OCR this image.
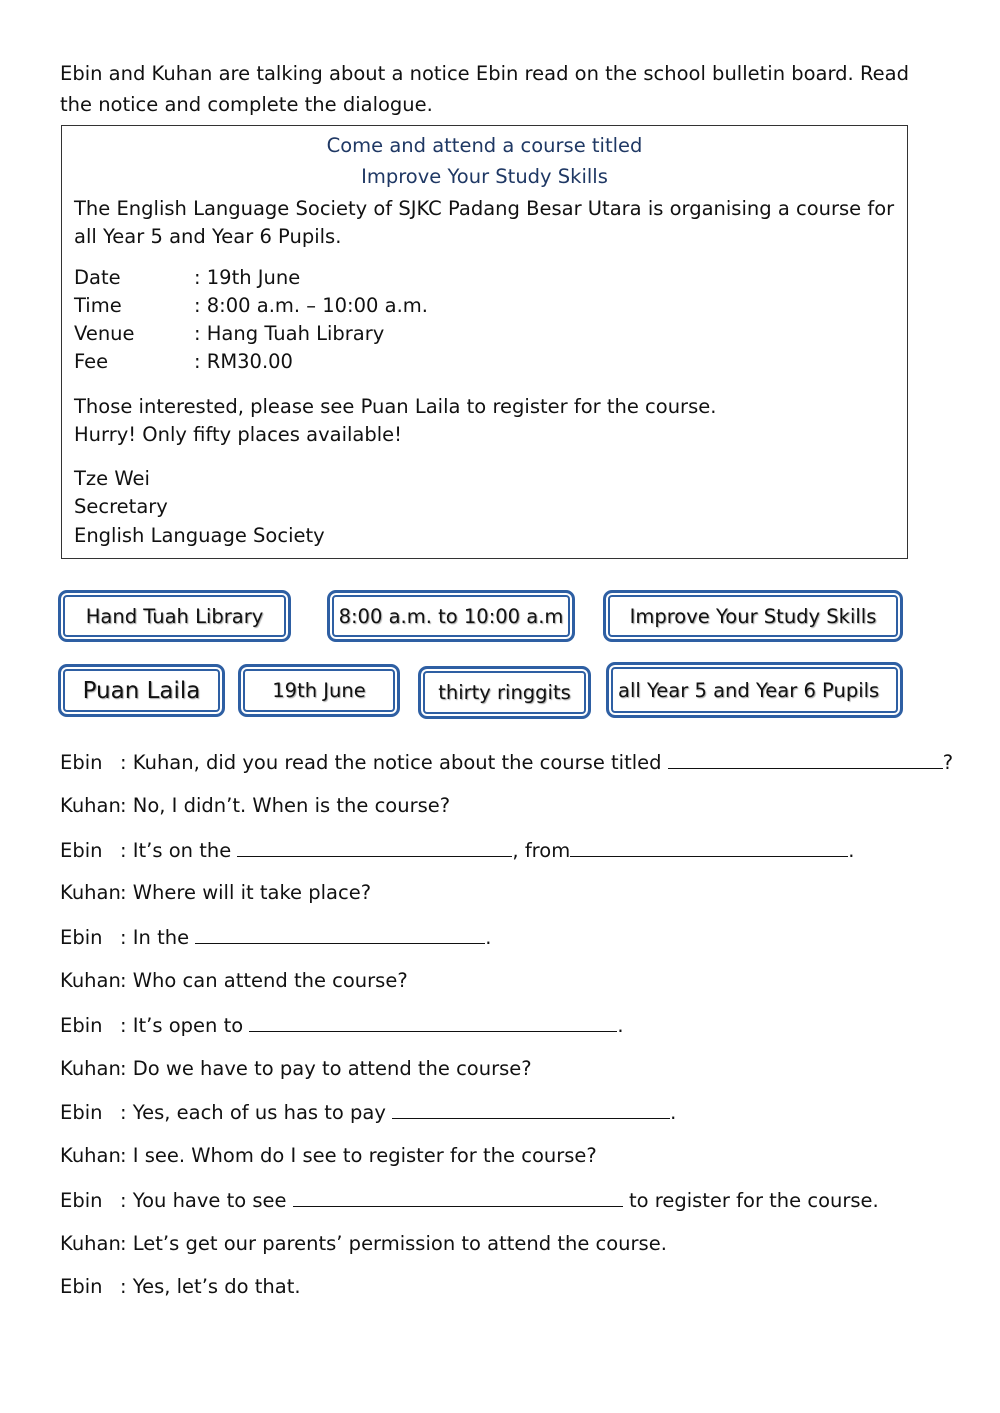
Ebin and Kuhan are talking about a notice Ebin read on the school bulletin board. Read the notice and complete the dialogue.
Come and attend a course titled
Improve Your Study Skills
The English Language Society of SJKC Padang Besar Utara is organising a course for all Year 5 and Year 6 Pupils.
Date	: 19th June
Time	: 8:00 a.m. – 10:00 a.m.
Venue	: Hang Tuah Library
Fee	: RM30.00
Those interested, please see Puan Laila to register for the course.
Hurry! Only fifty places available!
Tze Wei
Secretary
English Language Society
Hand Tuah Library	8:00 a.m. to 10:00 a.m	Improve Your Study Skills
Puan Laila	19th June	thirty ringgits	all Year 5 and Year 6 Pupils
Ebin : Kuhan, did you read the notice about the course titled	?
Kuhan: No, I didn’t. When is the course?
Ebin : It’s on the	, from	.
Kuhan: Where will it take place?
Ebin : In the	.
Kuhan: Who can attend the course?
Ebin : It’s open to	.
Kuhan: Do we have to pay to attend the course?
Ebin : Yes, each of us has to pay	.
Kuhan: I see. Whom do I see to register for the course?
Ebin : You have to see	to register for the course.
Kuhan: Let’s get our parents’ permission to attend the course.
Ebin : Yes, let’s do that.
